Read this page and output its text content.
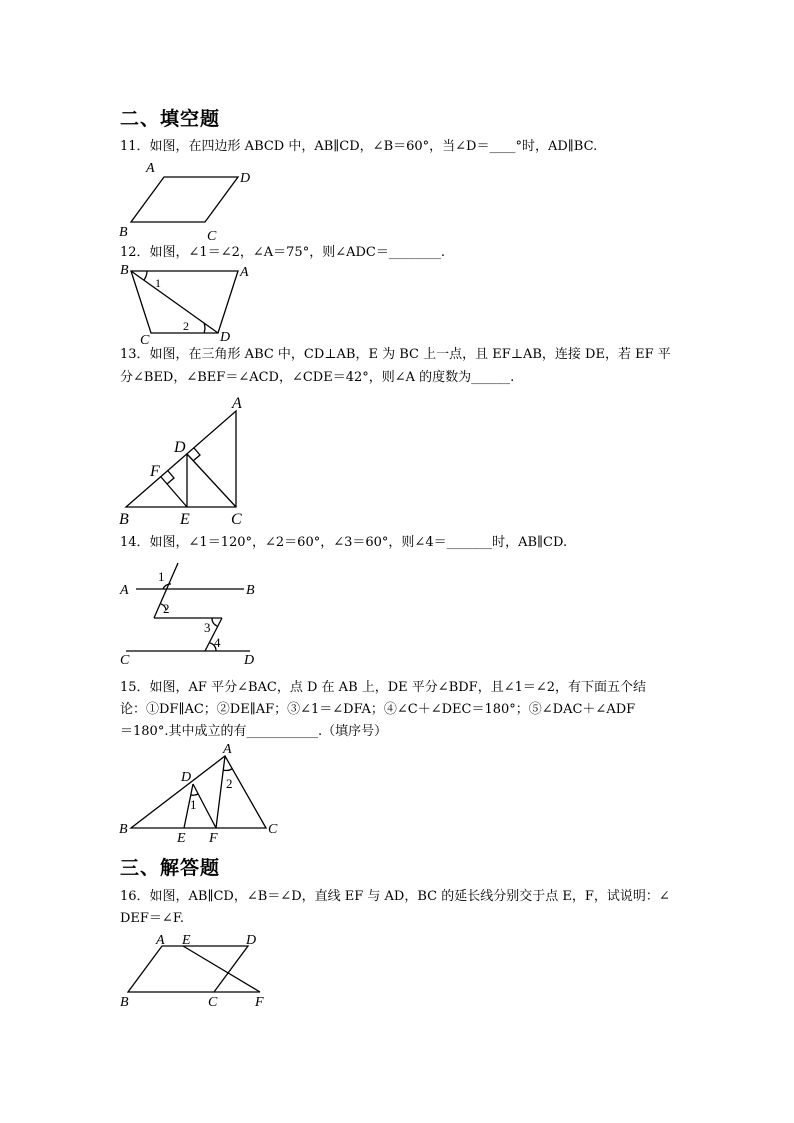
二、填空题
11．如图，在四边形 ABCD 中，AB∥CD，∠B＝60°，当∠D＝____°时，AD∥BC.
A
D
B	C
12．如图，∠1＝∠2，∠A＝75°，则∠ADC＝________.
B	A
1
2
C	D
13．如图，在三角形 ABC 中，CD⊥AB，E 为 BC 上一点，且 EF⊥AB，连接 DE，若 EF 平
分∠BED，∠BEF＝∠ACD，∠CDE＝42°，则∠A 的度数为______.
A
D
F
B	E	C
14．如图，∠1＝120°，∠2＝60°，∠3＝60°，则∠4＝_______时，AB∥CD.
A	B
1
2
3
4
C	D
15．如图，AF 平分∠BAC，点 D 在 AB 上，DE 平分∠BDF，且∠1＝∠2，有下面五个结
论：①DF∥AC；②DE∥AF；③∠1＝∠DFA；④∠C＋∠DEC＝180°；⑤∠DAC＋∠ADF
＝180°.其中成立的有___________.（填序号）
A
D
1
2
B
E F
C
三、解答题
16．如图，AB∥CD，∠B＝∠D，直线 EF 与 AD，BC 的延长线分别交于点 E，F，试说明：∠
DEF＝∠F.
A E	D
B	C	F
